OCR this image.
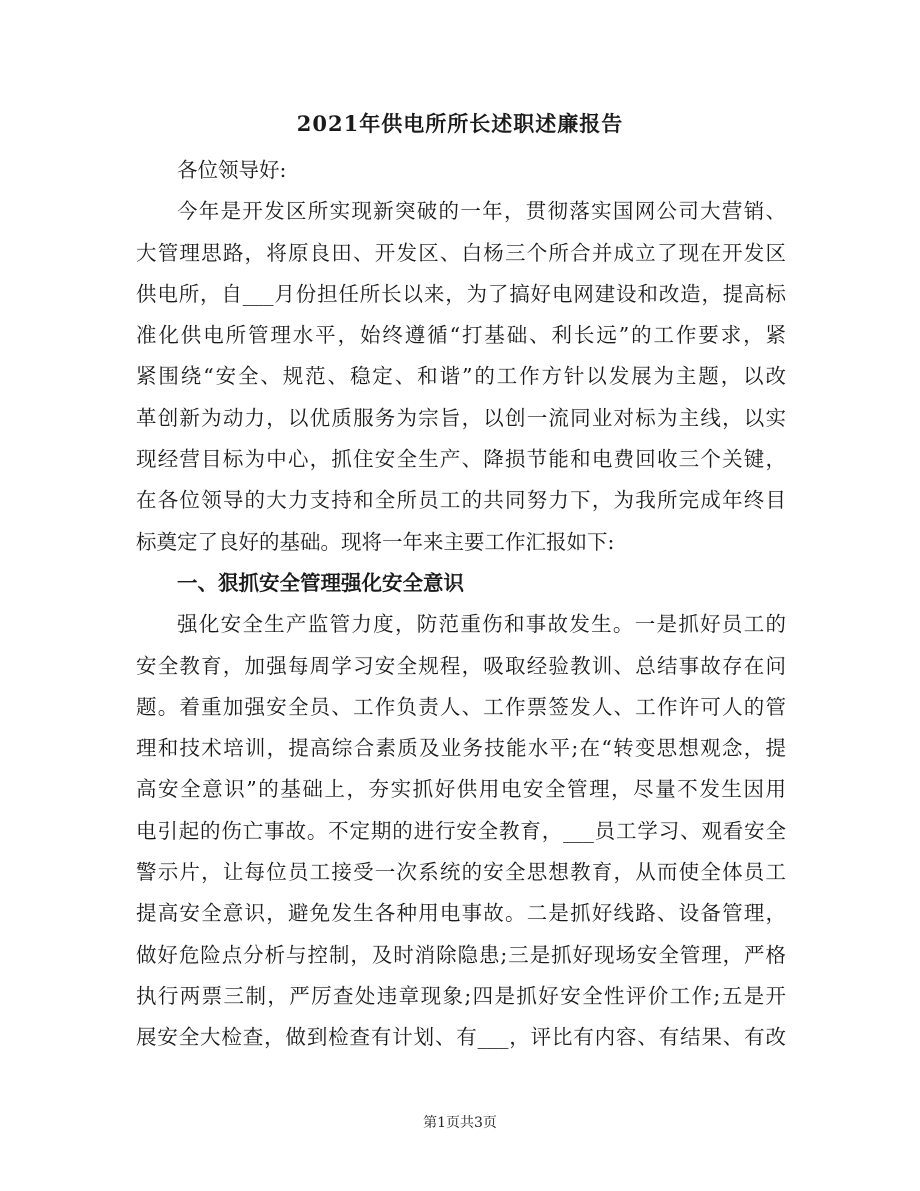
2021年供电所所长述职述廉报告
各位领导好:
今年是开发区所实现新突破的一年，贯彻落实国网公司大营销、
大管理思路，将原良田、开发区、白杨三个所合并成立了现在开发区
供电所，自___月份担任所长以来，为了搞好电网建设和改造，提高标
准化供电所管理水平，始终遵循“打基础、利长远”的工作要求，紧
紧围绕“安全、规范、稳定、和谐”的工作方针以发展为主题，以改
革创新为动力，以优质服务为宗旨，以创一流同业对标为主线，以实
现经营目标为中心，抓住安全生产、降损节能和电费回收三个关键，
在各位领导的大力支持和全所员工的共同努力下，为我所完成年终目
标奠定了良好的基础。现将一年来主要工作汇报如下:
一、狠抓安全管理强化安全意识
强化安全生产监管力度，防范重伤和事故发生。一是抓好员工的
安全教育，加强每周学习安全规程，吸取经验教训、总结事故存在问
题。着重加强安全员、工作负责人、工作票签发人、工作许可人的管
理和技术培训，提高综合素质及业务技能水平;在“转变思想观念，提
高安全意识”的基础上，夯实抓好供用电安全管理，尽量不发生因用
电引起的伤亡事故。不定期的进行安全教育，___员工学习、观看安全
警示片，让每位员工接受一次系统的安全思想教育，从而使全体员工
提高安全意识，避免发生各种用电事故。二是抓好线路、设备管理，
做好危险点分析与控制，及时消除隐患;三是抓好现场安全管理，严格
执行两票三制，严厉查处违章现象;四是抓好安全性评价工作;五是开
展安全大检查，做到检查有计划、有___，评比有内容、有结果、有改
第1页共3页
